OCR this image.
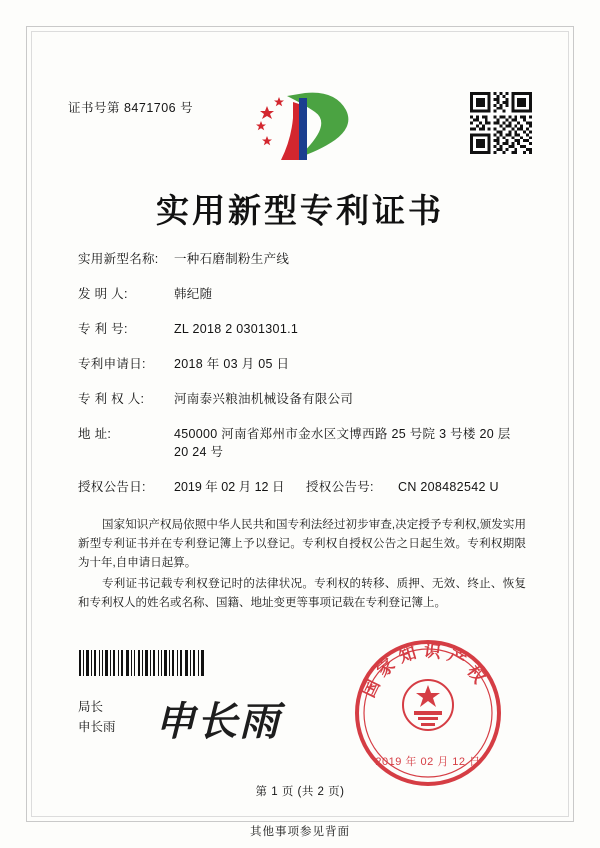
证书号第 8471706 号
实用新型专利证书
实用新型名称:	一种石磨制粉生产线
发 明 人:	韩纪随
专 利 号:	ZL 2018 2 0301301.1
专利申请日:	2018 年 03 月 05 日
专 利 权 人:	河南泰兴粮油机械设备有限公司
地 址:	450000 河南省郑州市金水区文博西路 25 号院 3 号楼 20 层 20 24 号
授权公告日:	2019 年 02 月 12 日	授权公告号:	CN 208482542 U

国家知识产权局依照中华人民共和国专利法经过初步审查,决定授予专利权,颁发实用新型专利证书并在专利登记簿上予以登记。专利权自授权公告之日起生效。专利权期限为十年,自申请日起算。

专利证书记载专利权登记时的法律状况。专利权的转移、质押、无效、终止、恢复和专利权人的姓名或名称、国籍、地址变更等事项记载在专利登记簿上。

局长
申长雨 申长雨
国家知识产权
2019 年 02 月 12 日
第 1 页 (共 2 页)
其他事项参见背面
